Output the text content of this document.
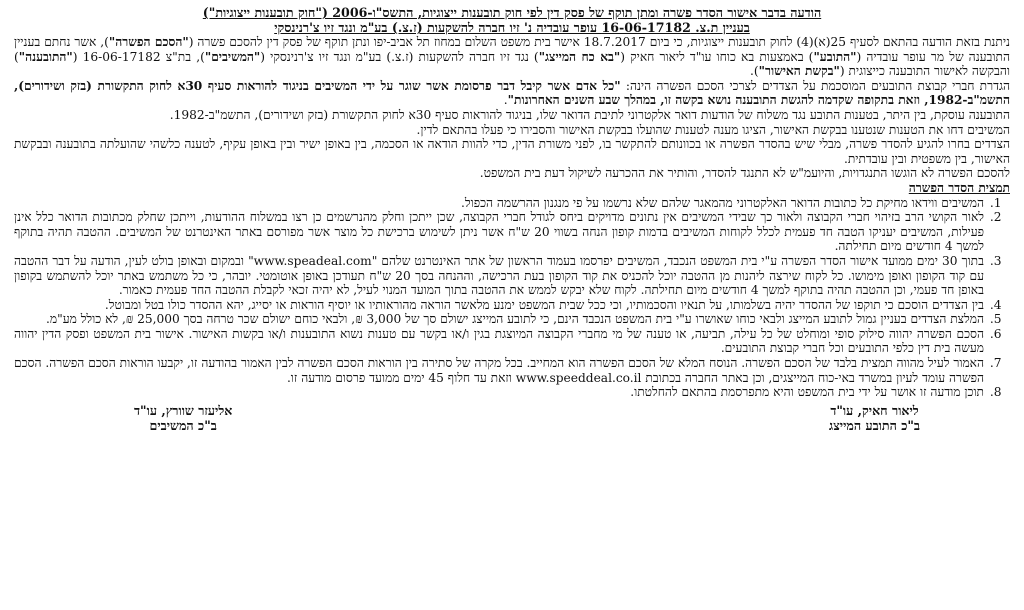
הודעה בדבר אישור הסדר פשרה ומתן תוקף של פסק דין לפי חוק תובענות ייצוגיות, התשס"ו-2006 ("חוק תובענות ייצוגיות")
בעניין ת.צ. 16-06-17182 עופר עובדיה נ' זיו חברה להשקעות (ז.צ.) בע"מ ונגד זיו צ'רנינסקי

ניתנת בזאת הודעה בהתאם לסעיף 25(א)(4) לחוק תובענות ייצוגיות, כי ביום 18.7.2017 אישר בית משפט השלום במחוז תל אביב-יפו ונתן תוקף של פסק דין להסכם פשרה ("הסכם הפשרה"), אשר נחתם בעניין התובענה של מר עופר עובדיה ("התובע") באמצעות בא כוחו עו"ד ליאור חאיק ("בא כח המייצג") נגד זיו חברה להשקעות (ז.צ.) בע"מ ונגד זיו צ'רנינסקי ("המשיבים"), בת"צ 16-06-17182 ("התובענה") והבקשה לאישור התובענה כייצוגית ("בקשת האישור").

הגדרת חברי קבוצת התובעים המוסכמת על הצדדים לצרכי הסכם הפשרה הינה: "כל אדם אשר קיבל דבר פרסומת אשר שוגר על ידי המשיבים בניגוד להוראות סעיף 30א לחוק התקשורת (בזק ושידורים), התשמ"ב-1982, וזאת בתקופה שקדמה להגשת התובענה נושא בקשה זו, במהלך שבע השנים האחרונות".

התובענה עוסקת, בין היתר, בטענות התובע נגד משלוח של הודעות דואר אלקטרוני לתיבת הדואר שלו, בניגוד להוראות סעיף 30א לחוק התקשורת (בזק ושידורים), התשמ"ב-1982.

המשיבים דחו את הטענות שנטענו בבקשת האישור, הציגו מענה לטענות שהועלו בבקשת האישור והסבירו כי פעלו בהתאם לדין.

הצדדים בחרו להגיע להסדר פשרה, מבלי שיש בהסדר הפשרה או בכוונותם להתקשר בו, לפני משורת הדין, כדי להוות הודאה או הסכמה, בין באופן ישיר ובין באופן עקיף, לטענה כלשהי שהועלתה בתובענה ובבקשת האישור, בין משפטית ובין עובדתית.

להסכם הפשרה לא הוגשו התנגדויות, והיועמ"ש לא התנגד להסדר, והותיר את ההכרעה לשיקול דעת בית המשפט.

תמצית הסדר הפשרה

1. המשיבים ווידאו מחיקת כל כתובות הדואר האלקטרוני מהמאגר שלהם שלא נרשמו על פי מנגנון ההרשמה הכפול.
2. לאור הקושי הרב בזיהוי חברי הקבוצה ולאור כך שבידי המשיבים אין נתונים מדויקים ביחס לגודל חברי הקבוצה, שכן ייתכן וחלק מהנרשמים כן רצו במשלוח ההודעות, וייתכן שחלק מכתובות הדואר כלל אינן פעילות, המשיבים יעניקו הטבה חד פעמית לכלל לקוחות המשיבים בדמות קופון הנחה בשווי 20 ש"ח אשר ניתן לשימוש ברכישת כל מוצר אשר מפורסם באתר האינטרנט של המשיבים. ההטבה תהיה בתוקף למשך 4 חודשים מיום תחילתה.
3. בתוך 30 ימים ממועד אישור הסדר הפשרה ע"י בית המשפט הנכבד, המשיבים יפרסמו בעמוד הראשון של אתר האינטרנט שלהם "www.speadeal.com" ובמקום ובאופן בולט לעין, הודעה על דבר ההטבה עם קוד הקופון ואופן מימושו. כל לקוח שירצה ליהנות מן ההטבה יוכל להכניס את קוד הקופון בעת הרכישה, וההנחה בסך 20 ש"ח תעודכן באופן אוטומטי. יובהר, כי כל משתמש באתר יוכל להשתמש בקופון באופן חד פעמי, וכן ההטבה תהיה בתוקף למשך 4 חודשים מיום תחילתה. לקוח שלא יבקש לממש את ההטבה בתוך המועד המנוי לעיל, לא יהיה זכאי לקבלת ההטבה החד פעמית כאמור.
4. בין הצדדים הוסכם כי תוקפו של ההסדר יהיה בשלמותו, על תנאיו והסכמותיו, וכי ככל שבית המשפט ימנע מלאשר הוראה מהוראותיו או יוסיף הוראות או יסייג, יהא ההסדר כולו בטל ומבוטל.
5. המלצת הצדדים בעניין גמול לתובע המייצג ולבאי כוחו שאושרו ע"י בית המשפט הנכבד הינם, כי לתובע המייצג ישולם סך של 3,000 ₪, ולבאי כוחם ישולם שכר טרחה בסך 25,000 ₪, לא כולל מע"מ.
6. הסכם הפשרה יהווה סילוק סופי ומוחלט של כל עילה, תביעה, או טענה של מי מחברי הקבוצה המיוצגת בגין ו/או בקשר עם טענות נשוא התובענות ו/או בקשות האישור. אישור בית המשפט ופסק הדין יהווה מעשה בית דין כלפי התובעים וכל חברי קבוצת התובעים.
7. האמור לעיל מהווה תמצית בלבד של הסכם הפשרה. הנוסח המלא של הסכם הפשרה הוא המחייב. בכל מקרה של סתירה בין הוראות הסכם הפשרה לבין האמור בהודעה זו, יקבעו הוראות הסכם הפשרה. הסכם הפשרה עומד לעיון במשרד באי-כוח המייצגים, וכן באתר החברה בכתובת www.speeddeal.co.il וזאת עד חלוף 45 ימים ממועד פרסום מודעה זו.
8. תוכן מודעה זו אושר על ידי בית המשפט והיא מתפרסמת בהתאם להחלטתו.
ליאור חאיק, עו"ד
ב"כ התובע המייצג
אליעזר שוורץ, עו"ד
ב"כ המשיבים
